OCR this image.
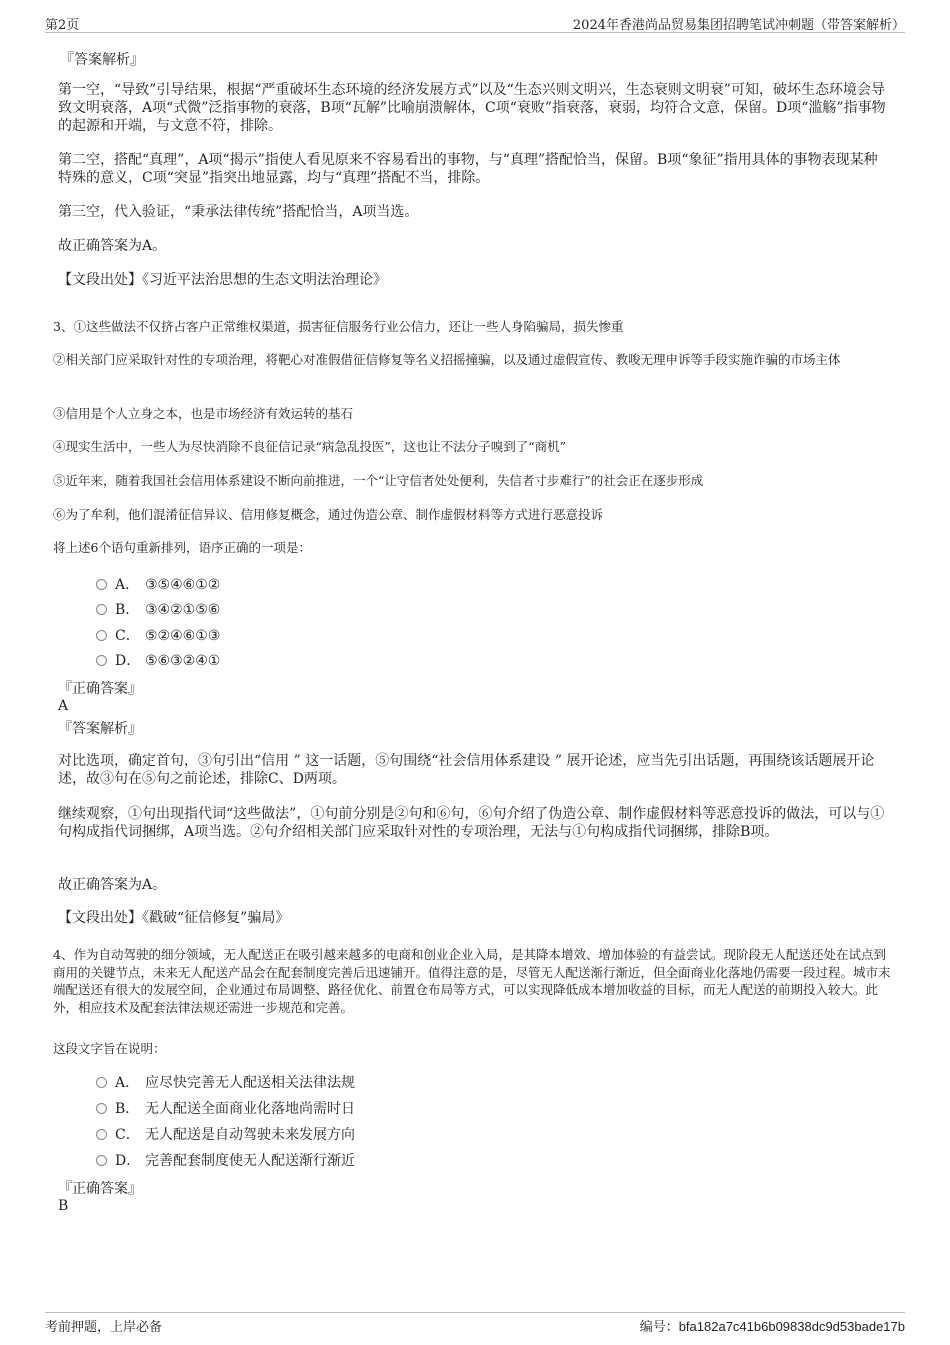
第2页	2024年香港尚品贸易集团招聘笔试冲刺题（带答案解析）
『答案解析』
第一空，“导致”引导结果，根据“严重破坏生态环境的经济发展方式”以及“生态兴则文明兴，生态衰则文明衰”可知，破坏生态环境会导致文明衰落，A项“式微”泛指事物的衰落，B项“瓦解”比喻崩溃解体，C项“衰败”指衰落，衰弱，均符合文意，保留。D项“滥觞”指事物的起源和开端，与文意不符，排除。
第二空，搭配“真理”，A项“揭示”指使人看见原来不容易看出的事物，与“真理”搭配恰当，保留。B项“象征”指用具体的事物表现某种特殊的意义，C项“突显”指突出地显露，均与“真理”搭配不当，排除。
第三空，代入验证，“秉承法律传统”搭配恰当，A项当选。
故正确答案为A。
【文段出处】《习近平法治思想的生态文明法治理论》
3、①这些做法不仅挤占客户正常维权渠道，损害征信服务行业公信力，还让一些人身陷骗局，损失惨重
②相关部门应采取针对性的专项治理，将靶心对准假借征信修复等名义招摇撞骗，以及通过虚假宣传、教唆无理申诉等手段实施诈骗的市场主体
③信用是个人立身之本，也是市场经济有效运转的基石
④现实生活中，一些人为尽快消除不良征信记录“病急乱投医”，这也让不法分子嗅到了“商机”
⑤近年来，随着我国社会信用体系建设不断向前推进，一个“让守信者处处便利，失信者寸步难行”的社会正在逐步形成
⑥为了牟利，他们混淆征信异议、信用修复概念，通过伪造公章、制作虚假材料等方式进行恶意投诉
将上述6个语句重新排列，语序正确的一项是：
A． ③⑤④⑥①②
B． ③④②①⑤⑥
C． ⑤②④⑥①③
D． ⑤⑥③②④①
『正确答案』
A
『答案解析』
对比选项，确定首句，③句引出“信用 ” 这一话题，⑤句围绕“社会信用体系建设 ” 展开论述，应当先引出话题，再围绕该话题展开论述，故③句在⑤句之前论述，排除C、D两项。
继续观察，①句出现指代词“这些做法”，①句前分别是②句和⑥句，⑥句介绍了伪造公章、制作虚假材料等恶意投诉的做法，可以与①句构成指代词捆绑，A项当选。②句介绍相关部门应采取针对性的专项治理，无法与①句构成指代词捆绑，排除B项。
故正确答案为A。
【文段出处】《戳破“征信修复”骗局》
4、作为自动驾驶的细分领域，无人配送正在吸引越来越多的电商和创业企业入局，是其降本增效、增加体验的有益尝试。现阶段无人配送还处在试点到商用的关键节点，未来无人配送产品会在配套制度完善后迅速铺开。值得注意的是，尽管无人配送渐行渐近，但全面商业化落地仍需要一段过程。城市末端配送还有很大的发展空间，企业通过布局调整、路径优化、前置仓布局等方式，可以实现降低成本增加收益的目标，而无人配送的前期投入较大。此外，相应技术及配套法律法规还需进一步规范和完善。
这段文字旨在说明：
A． 应尽快完善无人配送相关法律法规
B． 无人配送全面商业化落地尚需时日
C． 无人配送是自动驾驶未来发展方向
D． 完善配套制度使无人配送渐行渐近
『正确答案』
B
考前押题，上岸必备	编号：bfa182a7c41b6b09838dc9d53bade17b
